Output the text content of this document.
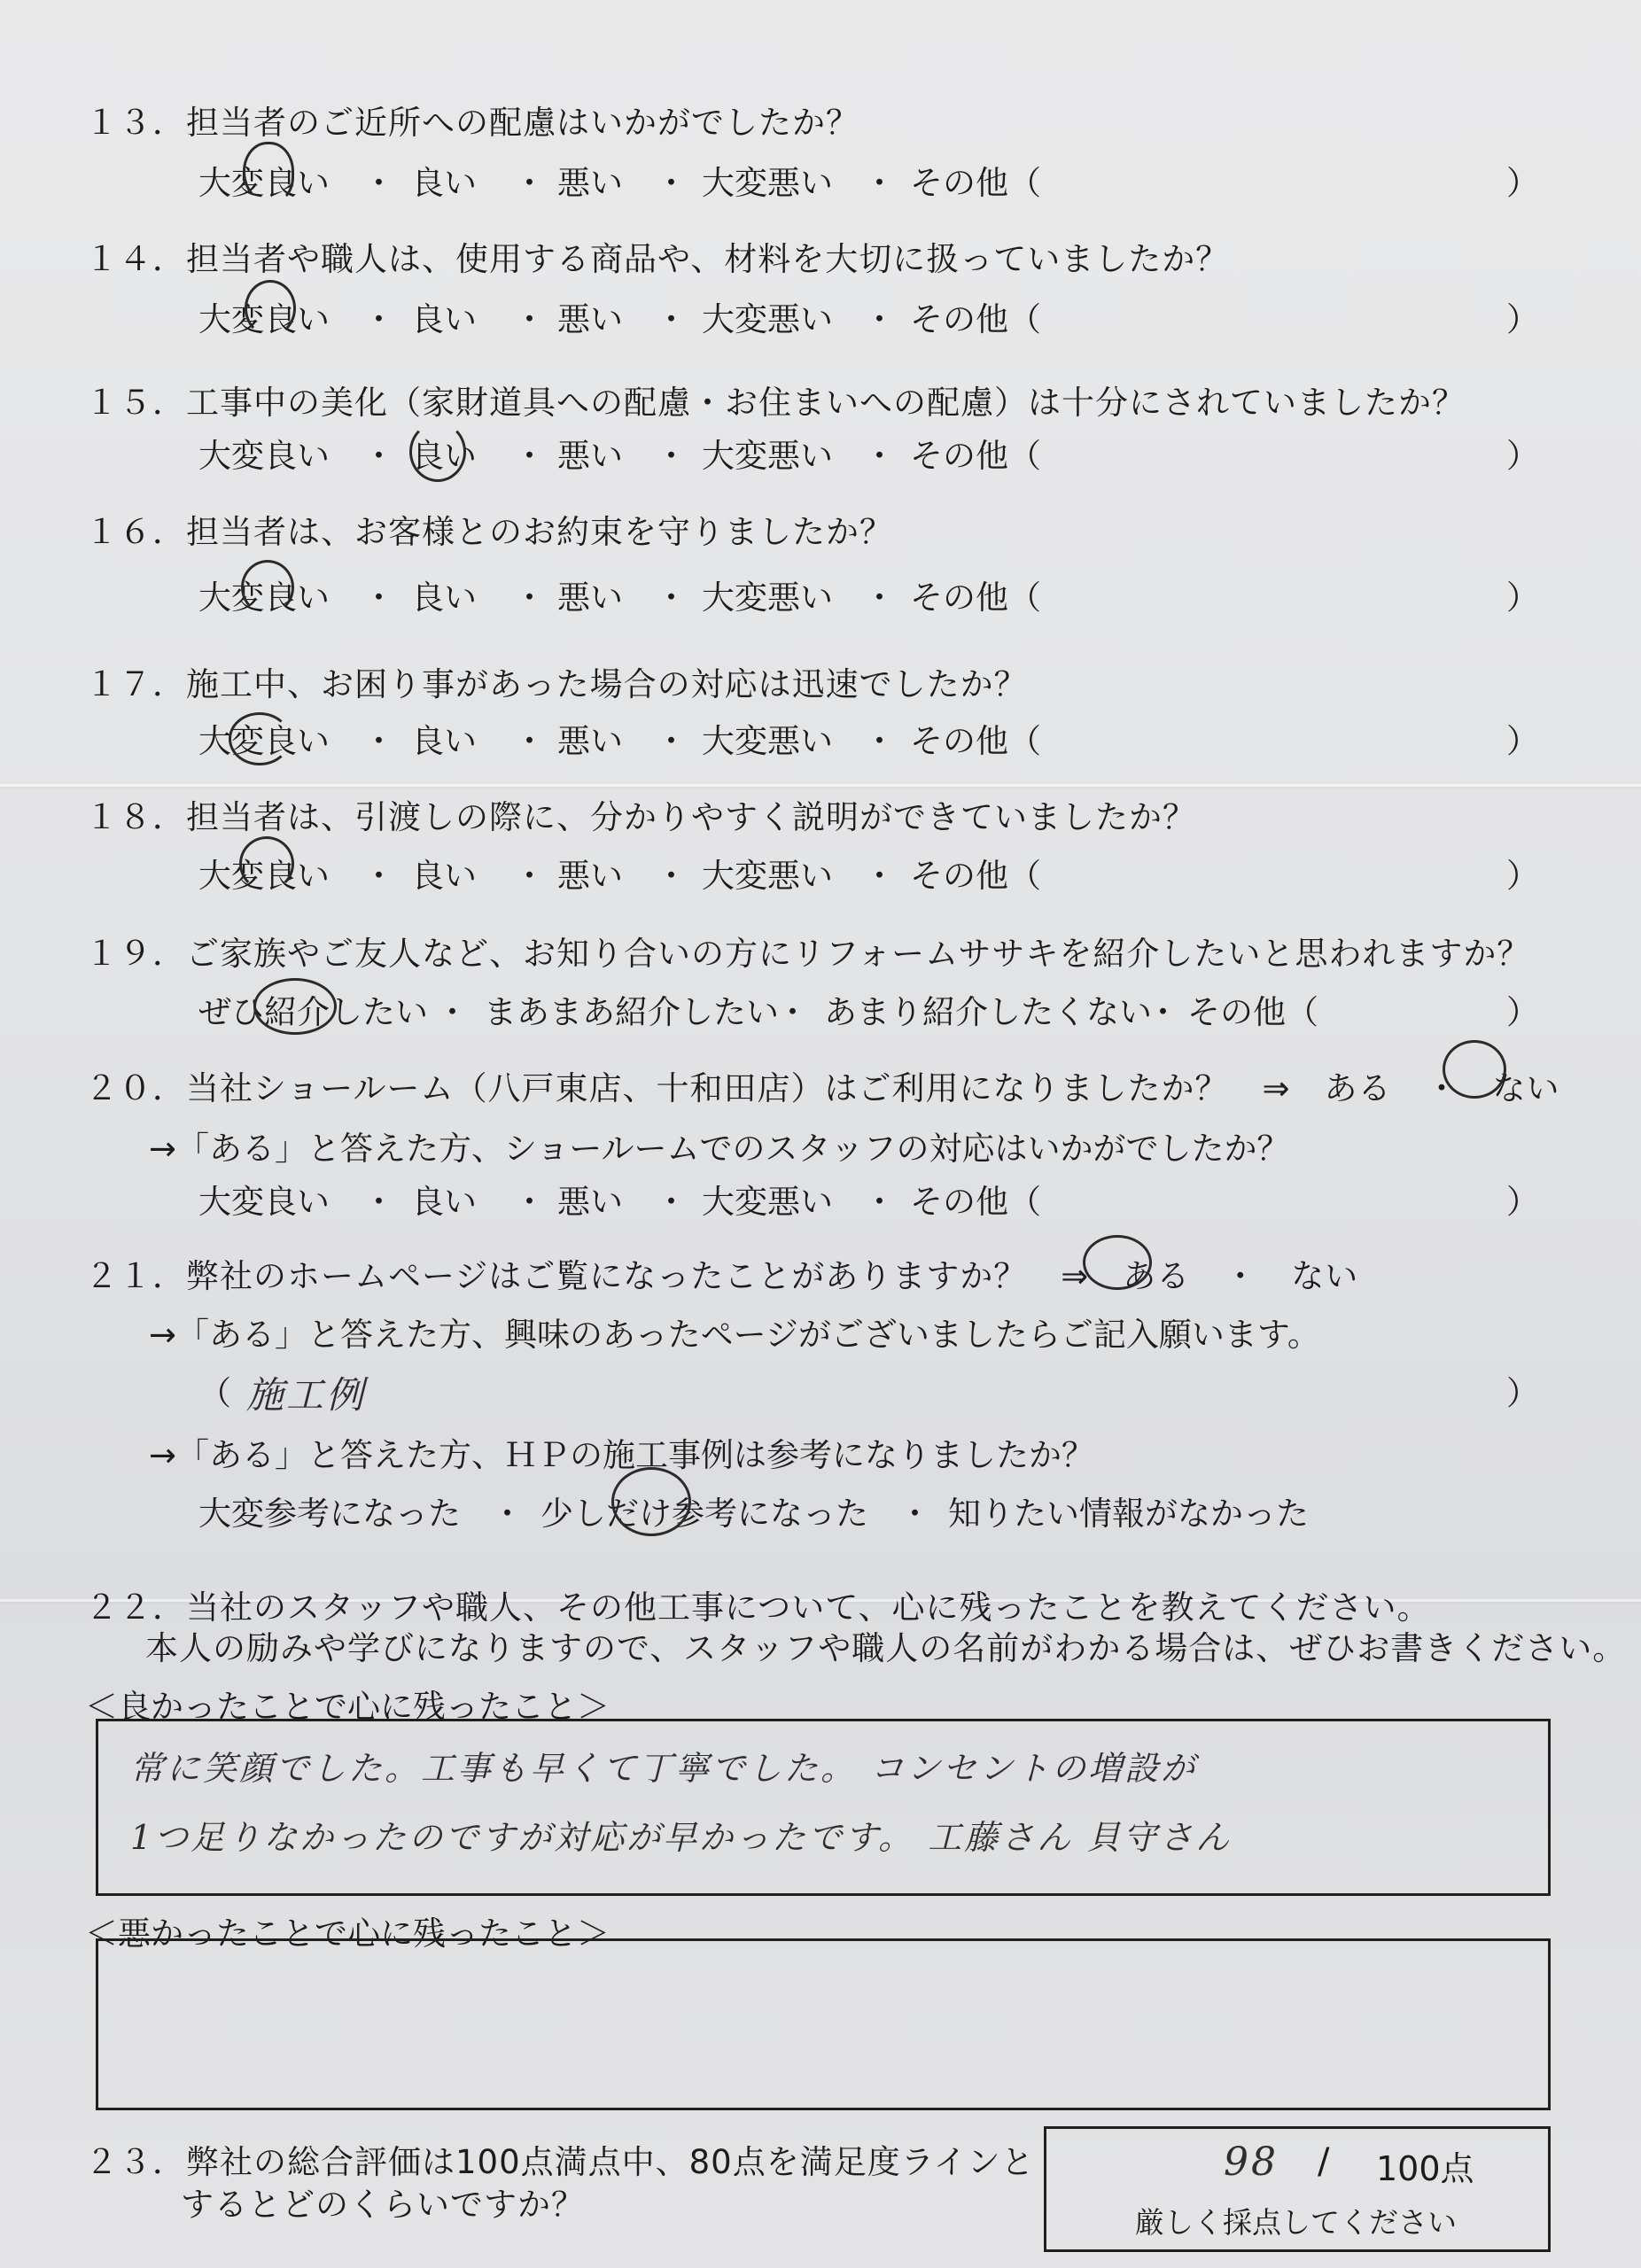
１３．担当者のご近所への配慮はいかがでしたか？
大変良い ・ 良い ・ 悪い ・ 大変悪い ・ その他（	）
１４．担当者や職人は、使用する商品や、材料を大切に扱っていましたか？
大変良い ・ 良い ・ 悪い ・ 大変悪い ・ その他（	）
１５．工事中の美化（家財道具への配慮・お住まいへの配慮）は十分にされていましたか？
大変良い ・ 良い ・ 悪い ・ 大変悪い ・ その他（	）
１６．担当者は、お客様とのお約束を守りましたか？
大変良い ・ 良い ・ 悪い ・ 大変悪い ・ その他（	）
１７．施工中、お困り事があった場合の対応は迅速でしたか？
大変良い ・ 良い ・ 悪い ・ 大変悪い ・ その他（	）
１８．担当者は、引渡しの際に、分かりやすく説明ができていましたか？
大変良い ・ 良い ・ 悪い ・ 大変悪い ・ その他（	）
１９．ご家族やご友人など、お知り合いの方にリフォームササキを紹介したいと思われますか？
ぜひ紹介したい ・ まあまあ紹介したい
・ あまり紹介したくない
・ その他（	）
２０．当社ショールーム（八戸東店、十和田店）はご利用になりましたか？　⇒　ある　・　ない
→「ある」と答えた方、ショールームでのスタッフの対応はいかがでしたか？
大変良い ・ 良い ・ 悪い ・ 大変悪い ・ その他（	）
２１．弊社のホームページはご覧になったことがありますか？　⇒　ある　・　ない
→「ある」と答えた方、興味のあったページがございましたらご記入願います。
（ 施工例	）
→「ある」と答えた方、ＨＰの施工事例は参考になりましたか？
大変参考になった ・ 少しだけ参考になった ・ 知りたい情報がなかった
２２．当社のスタッフや職人、その他工事について、心に残ったことを教えてください。
本人の励みや学びになりますので、スタッフや職人の名前がわかる場合は、ぜひお書きください。
＜良かったことで心に残ったこと＞
常に笑顔でした。工事も早くて丁寧でした。 コンセントの増設が
1つ足りなかったのですが対応が早かったです。 工藤さん 貝守さん
＜悪かったことで心に残ったこと＞
２３．弊社の総合評価は100点満点中、80点を満足度ラインと
するとどのくらいですか？
98 / 100点
厳しく採点してください
